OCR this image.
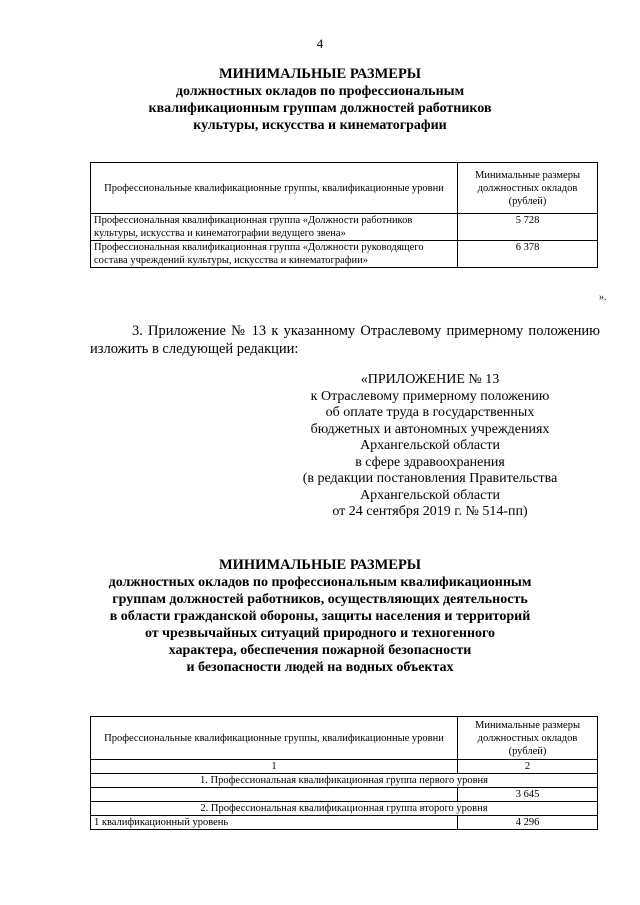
4
МИНИМАЛЬНЫЕ РАЗМЕРЫ
должностных окладов по профессиональным
квалификационным группам должностей работников
культуры, искусства и кинематографии
Профессиональные квалификационные группы, квалификационные уровни	Минимальные размеры должностных окладов (рублей)
Профессиональная квалификационная группа «Должности работников культуры, искусства и кинематографии ведущего звена»	5 728
Профессиональная квалификационная группа «Должности руководящего состава учреждений культуры, искусства и кинематографии»	6 378
».
3. Приложение № 13 к указанному Отраслевому примерному положению изложить в следующей редакции:
«ПРИЛОЖЕНИЕ № 13
к Отраслевому примерному положению
об оплате труда в государственных
бюджетных и автономных учреждениях
Архангельской области
в сфере здравоохранения
(в редакции постановления Правительства
Архангельской области
от 24 сентября 2019 г. № 514-пп)
МИНИМАЛЬНЫЕ РАЗМЕРЫ
должностных окладов по профессиональным квалификационным
группам должностей работников, осуществляющих деятельность
в области гражданской обороны, защиты населения и территорий
от чрезвычайных ситуаций природного и техногенного
характера, обеспечения пожарной безопасности
и безопасности людей на водных объектах
Профессиональные квалификационные группы, квалификационные уровни	Минимальные размеры должностных окладов (рублей)
1	2
1. Профессиональная квалификационная группа первого уровня	
	3 645
2. Профессиональная квалификационная группа второго уровня	
1 квалификационный уровень	4 296
